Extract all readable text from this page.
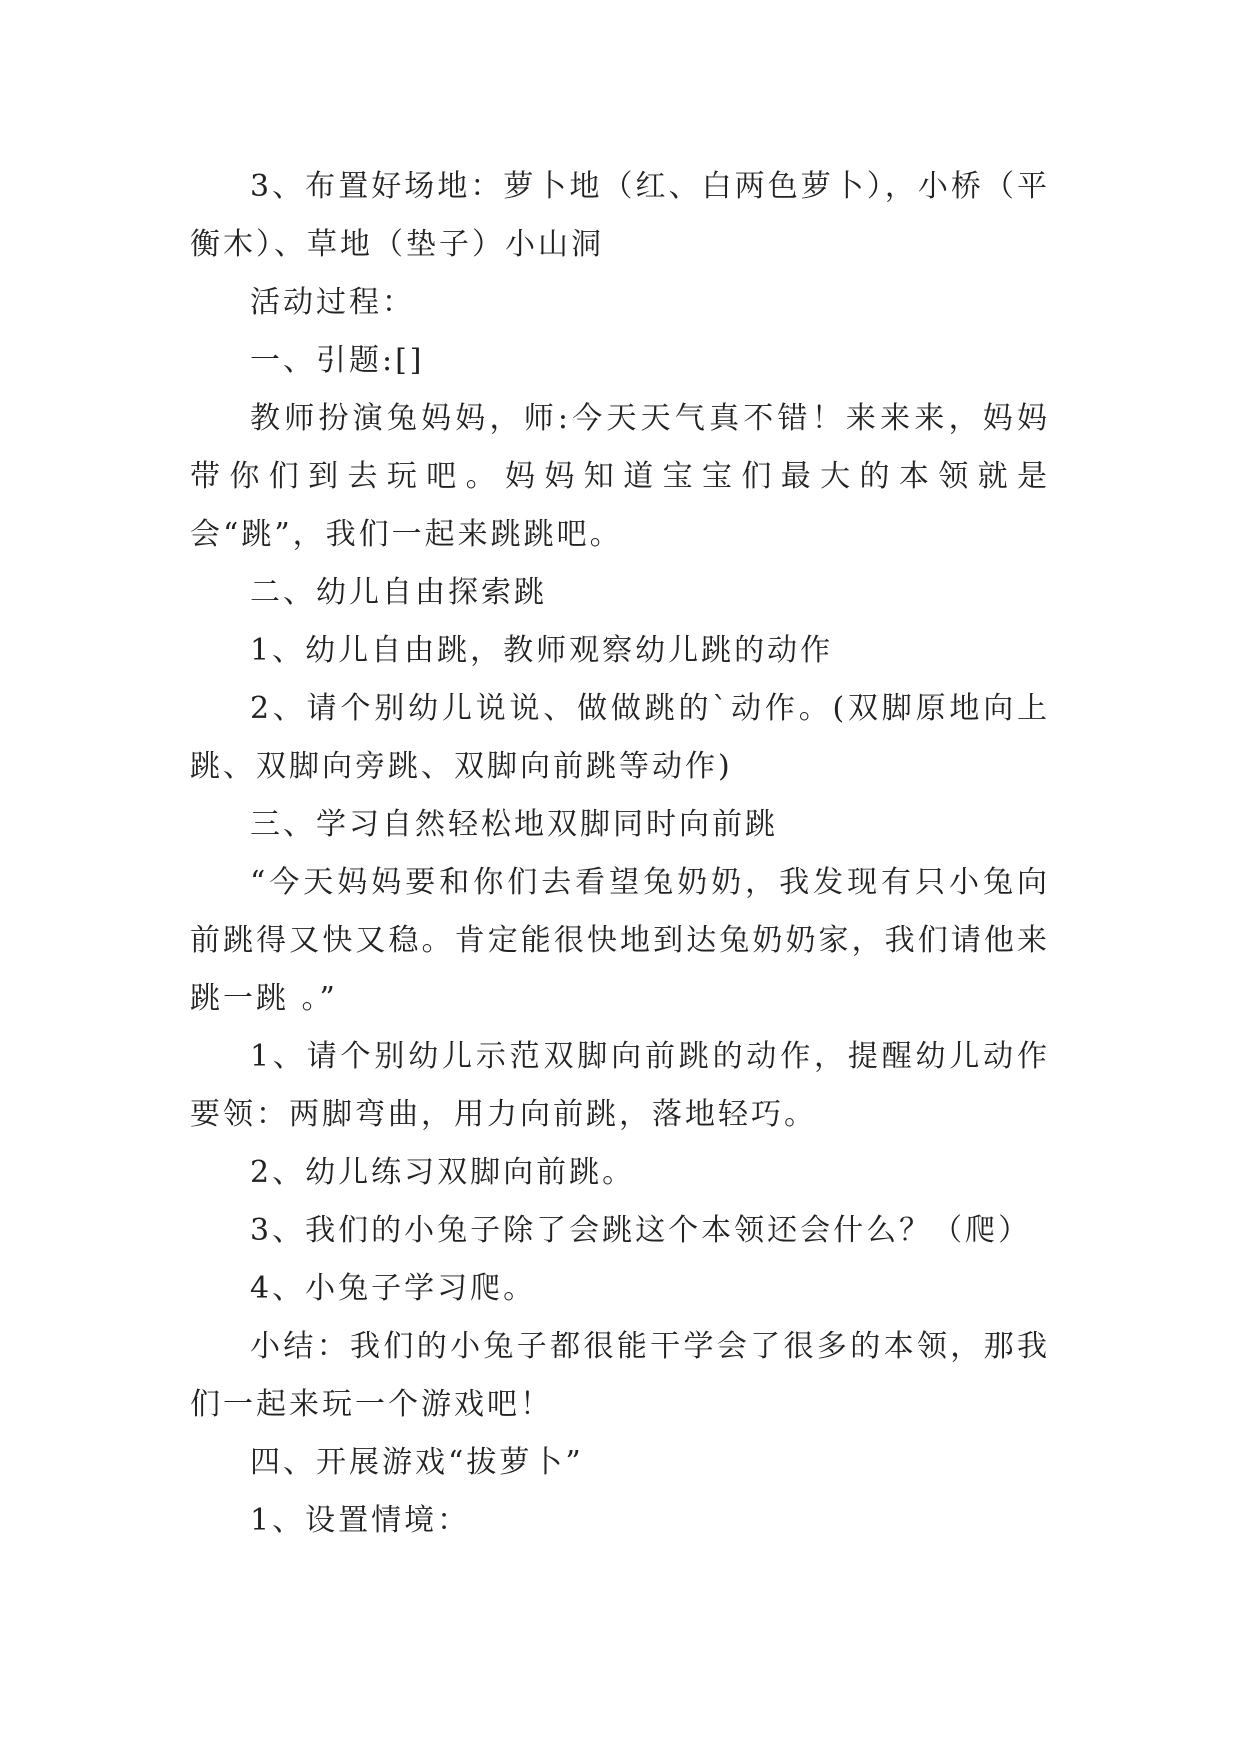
3、布置好场地：萝卜地（红、白两色萝卜），小桥（平衡木）、草地（垫子）小山洞

活动过程：

一、引题:[]

教师扮演兔妈妈，师:今天天气真不错！来来来，妈妈带你们到去玩吧。妈妈知道宝宝们最大的本领就是会“跳”，我们一起来跳跳吧。

二、幼儿自由探索跳

1、幼儿自由跳，教师观察幼儿跳的动作

2、请个别幼儿说说、做做跳的`动作。(双脚原地向上跳、双脚向旁跳、双脚向前跳等动作)

三、学习自然轻松地双脚同时向前跳

“今天妈妈要和你们去看望兔奶奶，我发现有只小兔向前跳得又快又稳。肯定能很快地到达兔奶奶家，我们请他来跳一跳 。”

1、请个别幼儿示范双脚向前跳的动作，提醒幼儿动作要领：两脚弯曲，用力向前跳，落地轻巧。

2、幼儿练习双脚向前跳。

3、我们的小兔子除了会跳这个本领还会什么？（爬）

4、小兔子学习爬。

小结：我们的小兔子都很能干学会了很多的本领，那我们一起来玩一个游戏吧！

四、开展游戏“拔萝卜”

1、设置情境：
